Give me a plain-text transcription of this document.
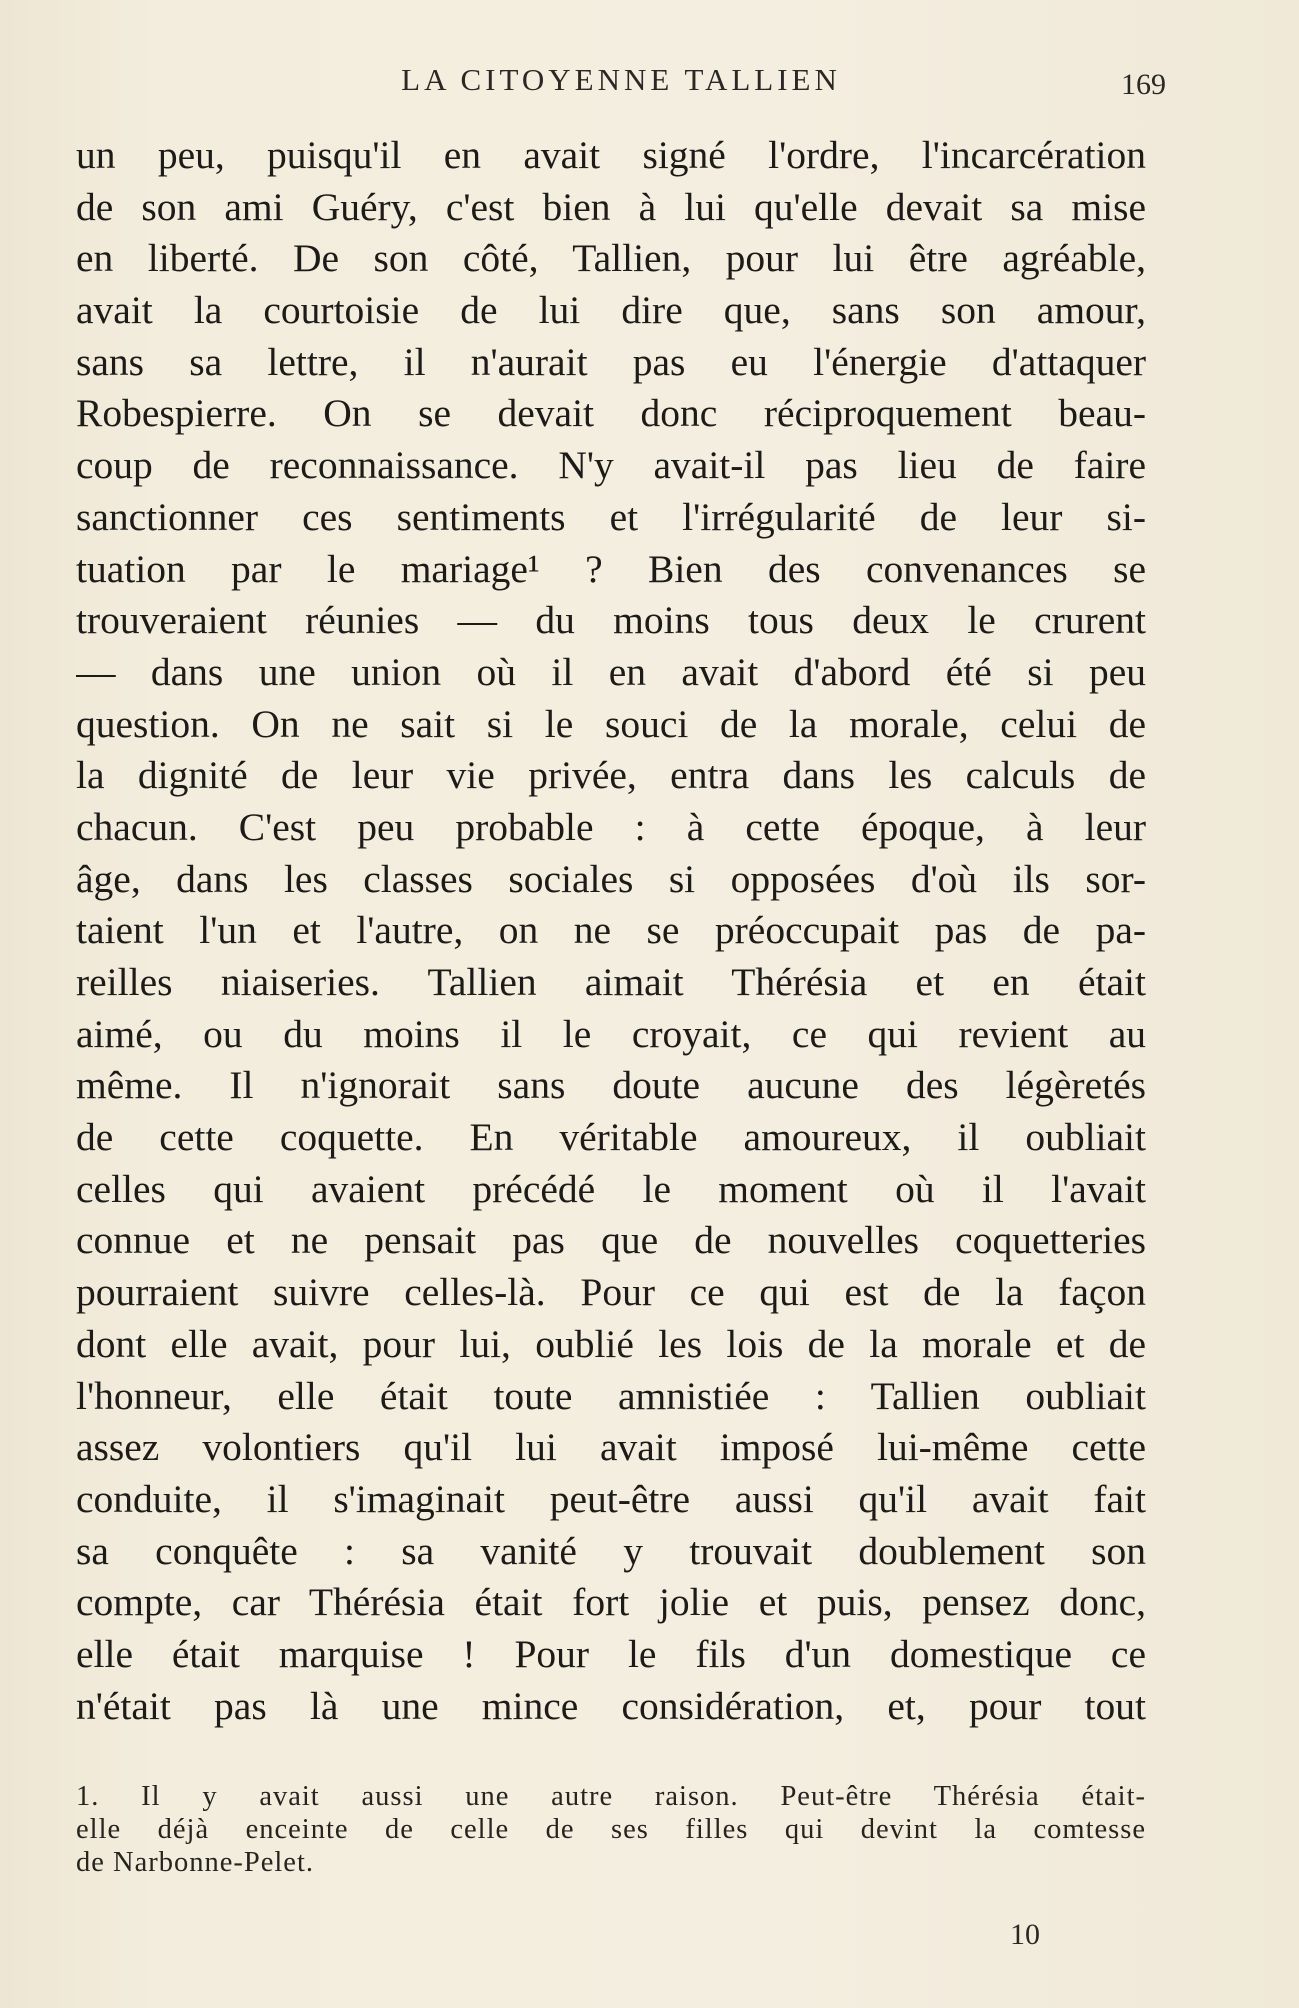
LA CITOYENNE TALLIEN	169
un peu, puisqu'il en avait signé l'ordre, l'incarcération
de son ami Guéry, c'est bien à lui qu'elle devait sa mise
en liberté. De son côté, Tallien, pour lui être agréable,
avait la courtoisie de lui dire que, sans son amour,
sans sa lettre, il n'aurait pas eu l'énergie d'attaquer
Robespierre. On se devait donc réciproquement beau-
coup de reconnaissance. N'y avait-il pas lieu de faire
sanctionner ces sentiments et l'irrégularité de leur si-
tuation par le mariage¹ ? Bien des convenances se
trouveraient réunies — du moins tous deux le crurent
— dans une union où il en avait d'abord été si peu
question. On ne sait si le souci de la morale, celui de
la dignité de leur vie privée, entra dans les calculs de
chacun. C'est peu probable : à cette époque, à leur
âge, dans les classes sociales si opposées d'où ils sor-
taient l'un et l'autre, on ne se préoccupait pas de pa-
reilles niaiseries. Tallien aimait Thérésia et en était
aimé, ou du moins il le croyait, ce qui revient au
même. Il n'ignorait sans doute aucune des légèretés
de cette coquette. En véritable amoureux, il oubliait
celles qui avaient précédé le moment où il l'avait
connue et ne pensait pas que de nouvelles coquetteries
pourraient suivre celles-là. Pour ce qui est de la façon
dont elle avait, pour lui, oublié les lois de la morale et de
l'honneur, elle était toute amnistiée : Tallien oubliait
assez volontiers qu'il lui avait imposé lui-même cette
conduite, il s'imaginait peut-être aussi qu'il avait fait
sa conquête : sa vanité y trouvait doublement son
compte, car Thérésia était fort jolie et puis, pensez donc,
elle était marquise ! Pour le fils d'un domestique ce
n'était pas là une mince considération, et, pour tout
1. Il y avait aussi une autre raison. Peut-être Thérésia était-
elle déjà enceinte de celle de ses filles qui devint la comtesse
de Narbonne-Pelet.
10
